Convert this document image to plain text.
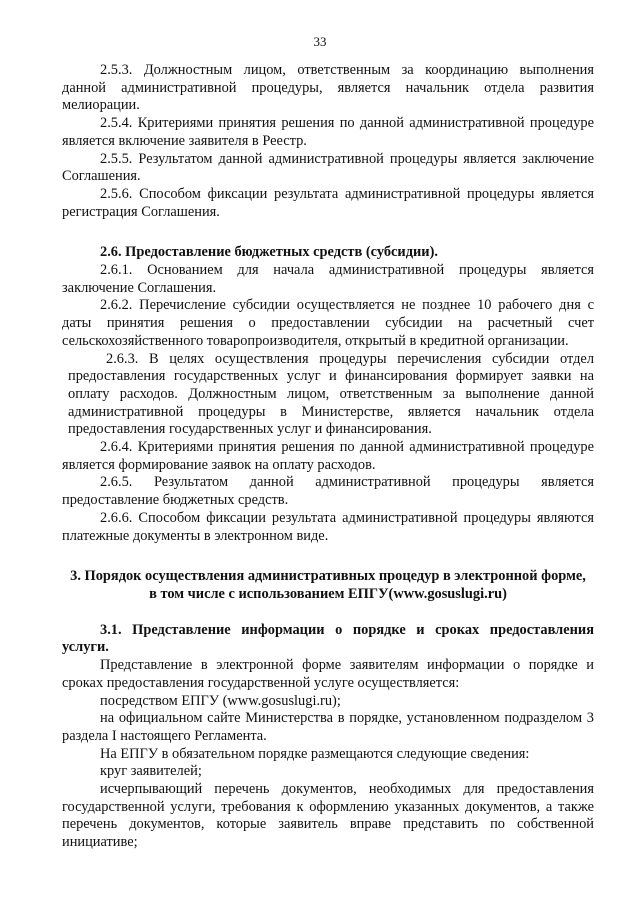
33

2.5.3. Должностным лицом, ответственным за координацию выполнения данной административной процедуры, является начальник отдела развития мелиорации.

2.5.4. Критериями принятия решения по данной административной процедуре является включение заявителя в Реестр.

2.5.5. Результатом данной административной процедуры является заключение Соглашения.

2.5.6. Способом фиксации результата административной процедуры является регистрация Соглашения.

2.6. Предоставление бюджетных средств (субсидии).

2.6.1. Основанием для начала административной процедуры является заключение Соглашения.

2.6.2. Перечисление субсидии осуществляется не позднее 10 рабочего дня с даты принятия решения о предоставлении субсидии на расчетный счет сельскохозяйственного товаропроизводителя, открытый в кредитной организации.

2.6.3. В целях осуществления процедуры перечисления субсидии отдел предоставления государственных услуг и финансирования формирует заявки на оплату расходов. Должностным лицом, ответственным за выполнение данной административной процедуры в Министерстве, является начальник отдела предоставления государственных услуг и финансирования.

2.6.4. Критериями принятия решения по данной административной процедуре является формирование заявок на оплату расходов.

2.6.5. Результатом данной административной процедуры является предоставление бюджетных средств.

2.6.6. Способом фиксации результата административной процедуры являются платежные документы в электронном виде.

3. Порядок осуществления административных процедур в электронной форме, в том числе с использованием ЕПГУ(www.gosuslugi.ru)

3.1. Представление информации о порядке и сроках предоставления услуги.

Представление в электронной форме заявителям информации о порядке и сроках предоставления государственной услуге осуществляется:

посредством ЕПГУ (www.gosuslugi.ru);

на официальном сайте Министерства в порядке, установленном подразделом 3 раздела I настоящего Регламента.

На ЕПГУ в обязательном порядке размещаются следующие сведения:

круг заявителей;

исчерпывающий перечень документов, необходимых для предоставления государственной услуги, требования к оформлению указанных документов, а также перечень документов, которые заявитель вправе представить по собственной инициативе;
